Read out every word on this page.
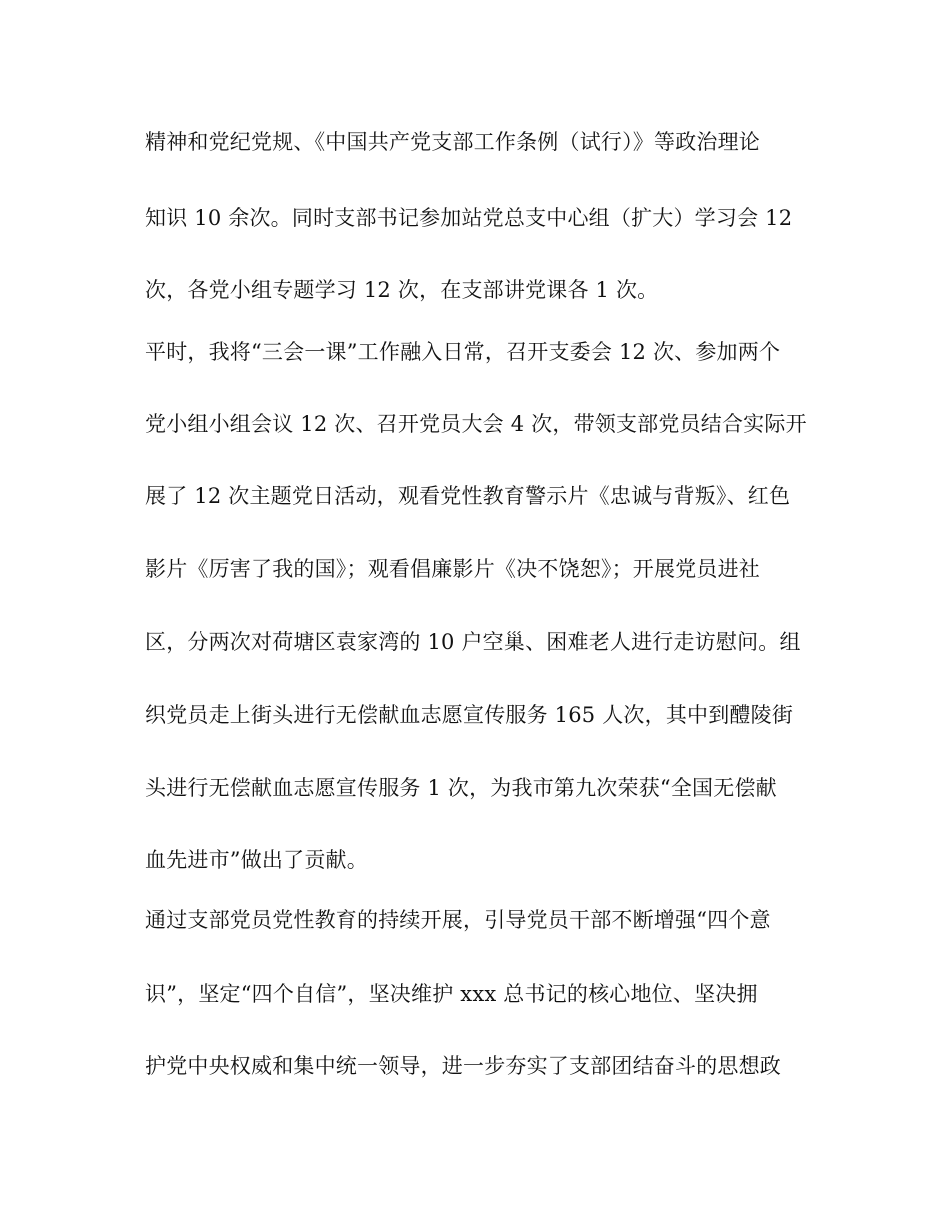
精神和党纪党规、《中国共产党支部工作条例（试行）》等政治理论
知识 10 余次。同时支部书记参加站党总支中心组（扩大）学习会 12
次，各党小组专题学习 12 次，在支部讲党课各 1 次。
平时，我将“三会一课”工作融入日常，召开支委会 12 次、参加两个
党小组小组会议 12 次、召开党员大会 4 次，带领支部党员结合实际开
展了 12 次主题党日活动，观看党性教育警示片《忠诚与背叛》、红色
影片《厉害了我的国》；观看倡廉影片《决不饶恕》；开展党员进社
区，分两次对荷塘区袁家湾的 10 户空巢、困难老人进行走访慰问。组
织党员走上街头进行无偿献血志愿宣传服务 165 人次，其中到醴陵街
头进行无偿献血志愿宣传服务 1 次，为我市第九次荣获“全国无偿献
血先进市”做出了贡献。
通过支部党员党性教育的持续开展，引导党员干部不断增强“四个意
识”，坚定“四个自信”，坚决维护 xxx 总书记的核心地位、坚决拥
护党中央权威和集中统一领导，进一步夯实了支部团结奋斗的思想政
